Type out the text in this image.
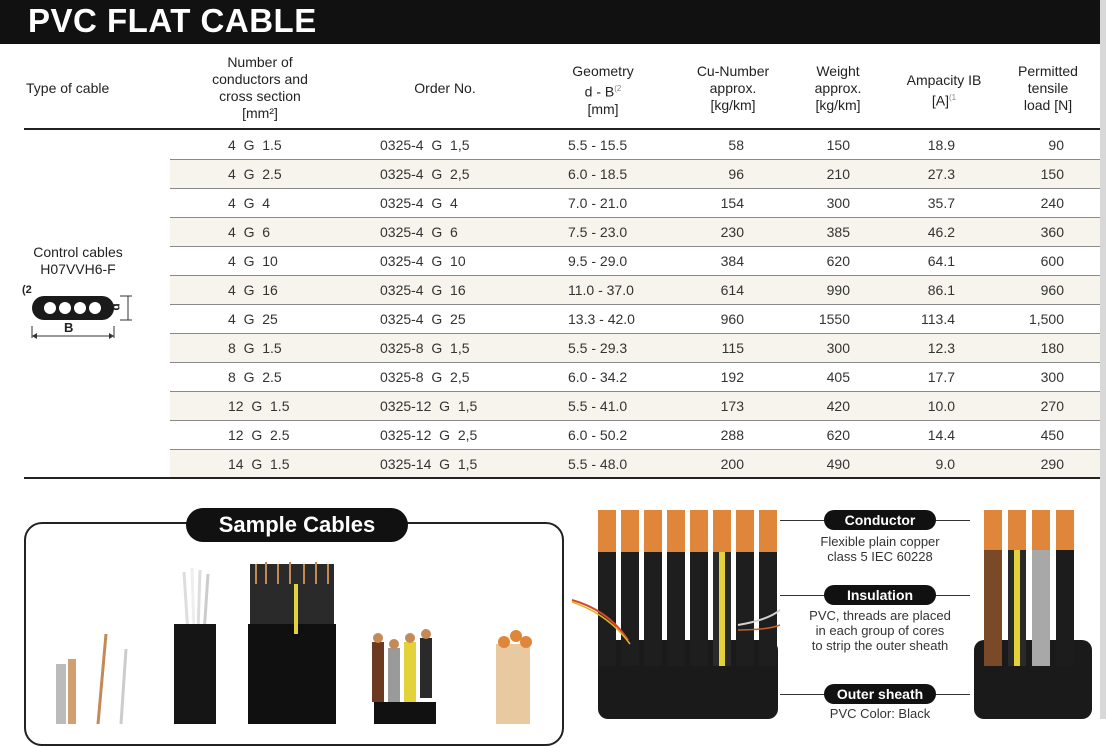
PVC FLAT CABLE
Type of cable
Number of
conductors and
cross section
[mm²]
Order No.
Geometry
d - $B^{(2}$
[mm]
Cu-Number
approx.
[kg/km]
Weight
approx.
[kg/km]
Ampacity IB
$[A]^{(1}$
Permitted
tensile
load [N]
Control cables
H07VVH6-F
(2
B
d
4  G  1.5	0325-4  G  1,5	5.5 - 15.5	58	150	18.9	90
4  G  2.5	0325-4  G  2,5	6.0 - 18.5	96	210	27.3	150
4  G  4	0325-4  G  4	7.0 - 21.0	154	300	35.7	240
4  G  6	0325-4  G  6	7.5 - 23.0	230	385	46.2	360
4  G  10	0325-4  G  10	9.5 - 29.0	384	620	64.1	600
4  G  16	0325-4  G  16	11.0 - 37.0	614	990	86.1	960
4  G  25	0325-4  G  25	13.3 - 42.0	960	1550	113.4	1,500
8  G  1.5	0325-8  G  1,5	5.5 - 29.3	115	300	12.3	180
8  G  2.5	0325-8  G  2,5	6.0 - 34.2	192	405	17.7	300
12  G  1.5	0325-12  G  1,5	5.5 - 41.0	173	420	10.0	270
12  G  2.5	0325-12  G  2,5	6.0 - 50.2	288	620	14.4	450
14  G  1.5	0325-14  G  1,5	5.5 - 48.0	200	490	9.0	290
Sample Cables	Conductor
Flexible plain copper
class 5 IEC 60228
Insulation
PVC, threads are placed
in each group of cores
to strip the outer sheath
Outer sheath
PVC Color: Black
